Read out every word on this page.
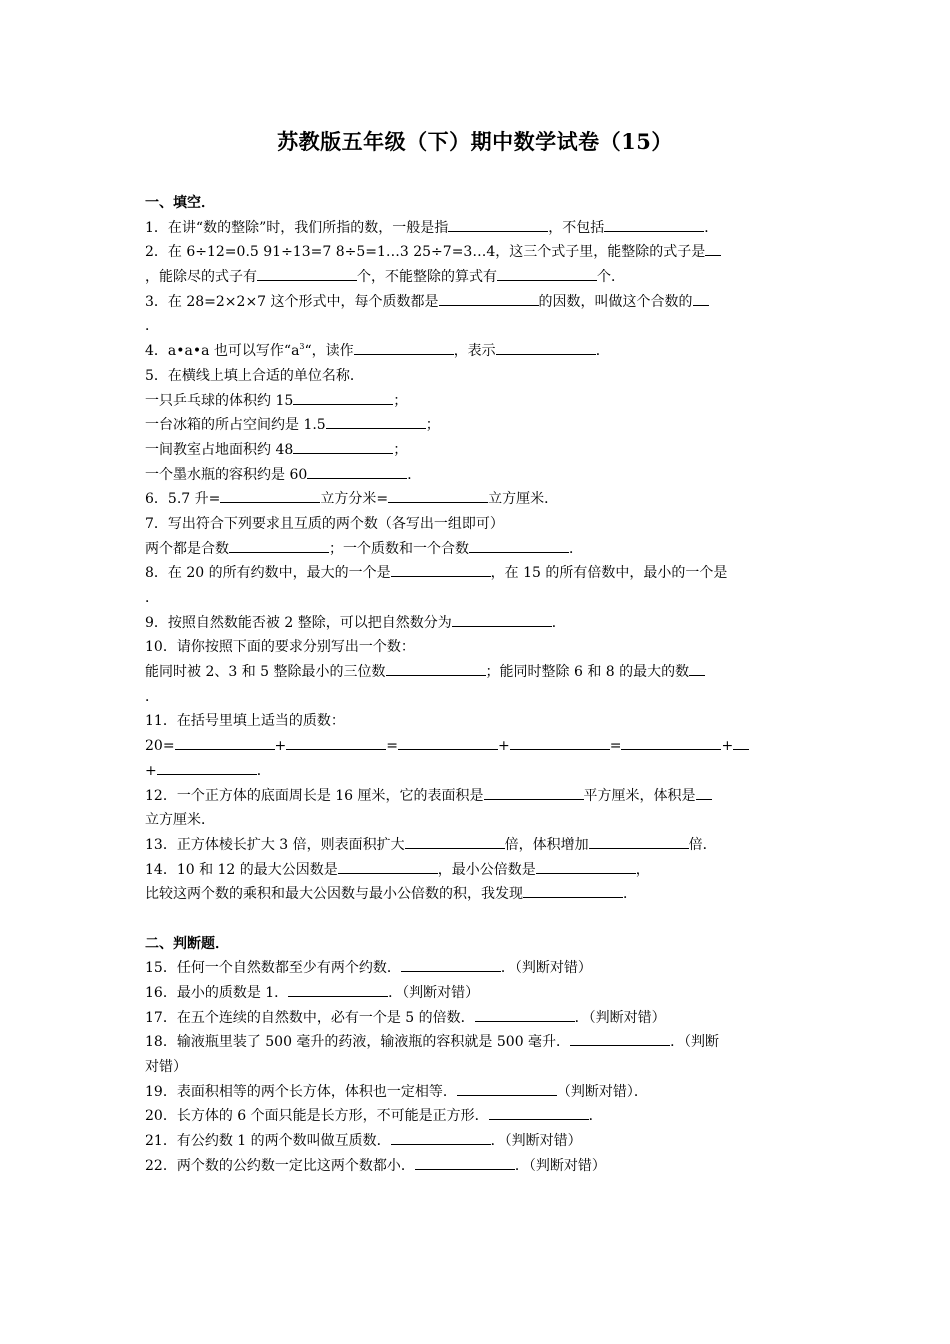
苏教版五年级（下）期中数学试卷（15）
一、填空．
1．在讲“数的整除”时，我们所指的数，一般是指	，不包括	．
2．在 6÷12=0.5 91÷13=7 8÷5=1…3 25÷7=3…4，这三个式子里，能整除的式子是
，能除尽的式子有	个，不能整除的算式有	个．
3．在 28=2×2×7 这个形式中，每个质数都是	的因数，叫做这个合数的
．
4．a•a•a 也可以写作“$a^3“$，读作	，表示	．
5．在横线上填上合适的单位名称．
一只乒乓球的体积约 15	；
一台冰箱的所占空间约是 1.5	；
一间教室占地面积约 48	；
一个墨水瓶的容积约是 60	．
6．5.7 升=	立方分米=	立方厘米．
7．写出符合下列要求且互质的两个数（各写出一组即可）
两个都是合数	；一个质数和一个合数	．
8．在 20 的所有约数中，最大的一个是	，在 15 的所有倍数中，最小的一个是
．
9．按照自然数能否被 2 整除，可以把自然数分为	．
10．请你按照下面的要求分别写出一个数：
能同时被 2、3 和 5 整除最小的三位数	；能同时整除 6 和 8 的最大的数
．
11．在括号里填上适当的质数：
20=	+	=	+	=	+
+	．
12．一个正方体的底面周长是 16 厘米，它的表面积是	平方厘米，体积是
立方厘米．
13．正方体棱长扩大 3 倍，则表面积扩大	倍，体积增加	倍．
14．10 和 12 的最大公因数是	，最小公倍数是	，
比较这两个数的乘积和最大公因数与最小公倍数的积，我发现	．
二、判断题．
15．任何一个自然数都至少有两个约数．	．（判断对错）
16．最小的质数是 1．	．（判断对错）
17．在五个连续的自然数中，必有一个是 5 的倍数．	．（判断对错）
18．输液瓶里装了 500 毫升的药液，输液瓶的容积就是 500 毫升．	．（判断
对错）
19．表面积相等的两个长方体，体积也一定相等．	（判断对错）．
20．长方体的 6 个面只能是长方形，不可能是正方形．	．
21．有公约数 1 的两个数叫做互质数．	．（判断对错）
22．两个数的公约数一定比这两个数都小．	．（判断对错）
